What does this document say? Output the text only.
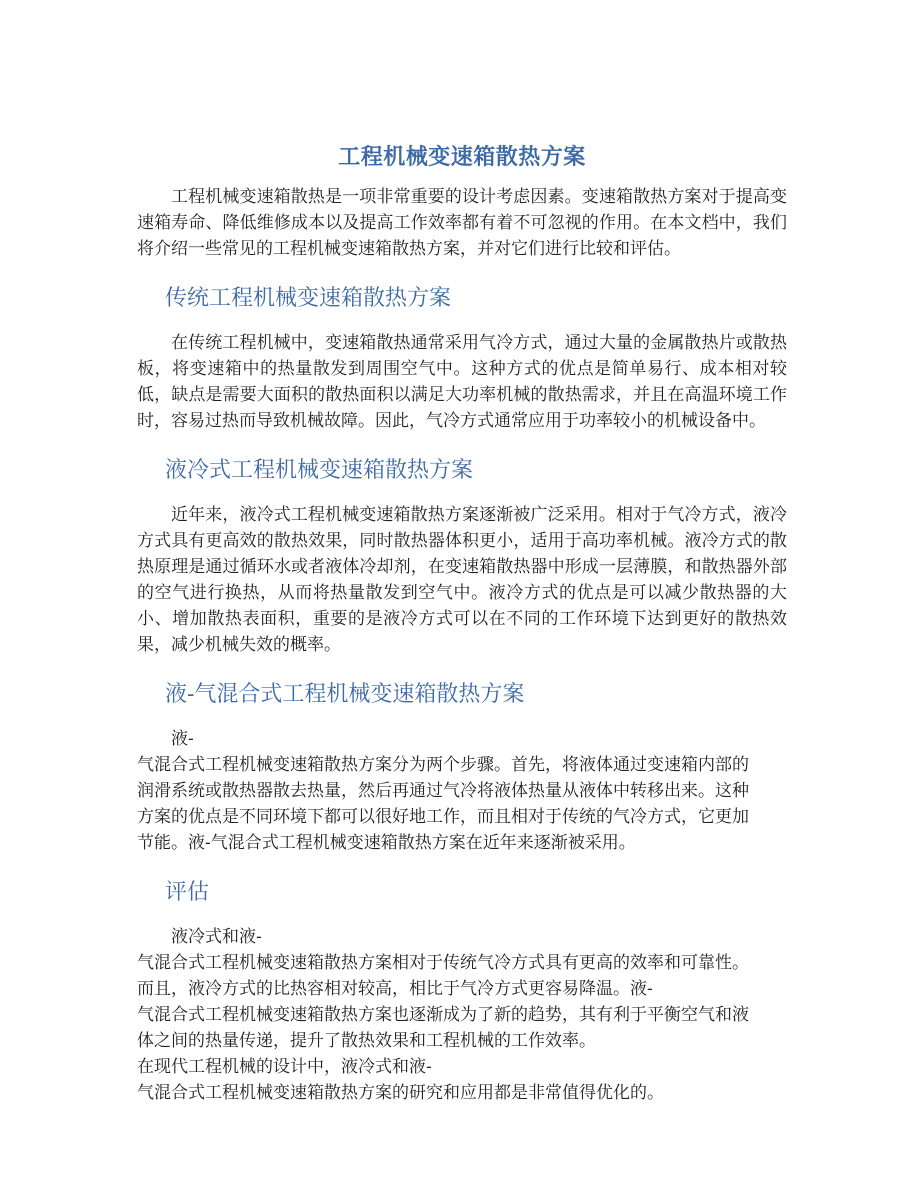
工程机械变速箱散热方案

工程机械变速箱散热是一项非常重要的设计考虑因素。变速箱散热方案对于提高变速箱寿命、降低维修成本以及提高工作效率都有着不可忽视的作用。在本文档中，我们将介绍一些常见的工程机械变速箱散热方案，并对它们进行比较和评估。

传统工程机械变速箱散热方案

在传统工程机械中，变速箱散热通常采用气冷方式，通过大量的金属散热片或散热板，将变速箱中的热量散发到周围空气中。这种方式的优点是简单易行、成本相对较低，缺点是需要大面积的散热面积以满足大功率机械的散热需求，并且在高温环境工作时，容易过热而导致机械故障。因此，气冷方式通常应用于功率较小的机械设备中。

液冷式工程机械变速箱散热方案

近年来，液冷式工程机械变速箱散热方案逐渐被广泛采用。相对于气冷方式，液冷方式具有更高效的散热效果，同时散热器体积更小，适用于高功率机械。液冷方式的散热原理是通过循环水或者液体冷却剂，在变速箱散热器中形成一层薄膜，和散热器外部的空气进行换热，从而将热量散发到空气中。液冷方式的优点是可以减少散热器的大小、增加散热表面积，重要的是液冷方式可以在不同的工作环境下达到更好的散热效果，减少机械失效的概率。

液-气混合式工程机械变速箱散热方案
液-
气混合式工程机械变速箱散热方案分为两个步骤。首先，将液体通过变速箱内部的
润滑系统或散热器散去热量，然后再通过气冷将液体热量从液体中转移出来。这种
方案的优点是不同环境下都可以很好地工作，而且相对于传统的气冷方式，它更加
节能。液-气混合式工程机械变速箱散热方案在近年来逐渐被采用。
评估
液冷式和液-
气混合式工程机械变速箱散热方案相对于传统气冷方式具有更高的效率和可靠性。
而且，液冷方式的比热容相对较高，相比于气冷方式更容易降温。液-
气混合式工程机械变速箱散热方案也逐渐成为了新的趋势，其有利于平衡空气和液
体之间的热量传递，提升了散热效果和工程机械的工作效率。
在现代工程机械的设计中，液冷式和液-
气混合式工程机械变速箱散热方案的研究和应用都是非常值得优化的。
